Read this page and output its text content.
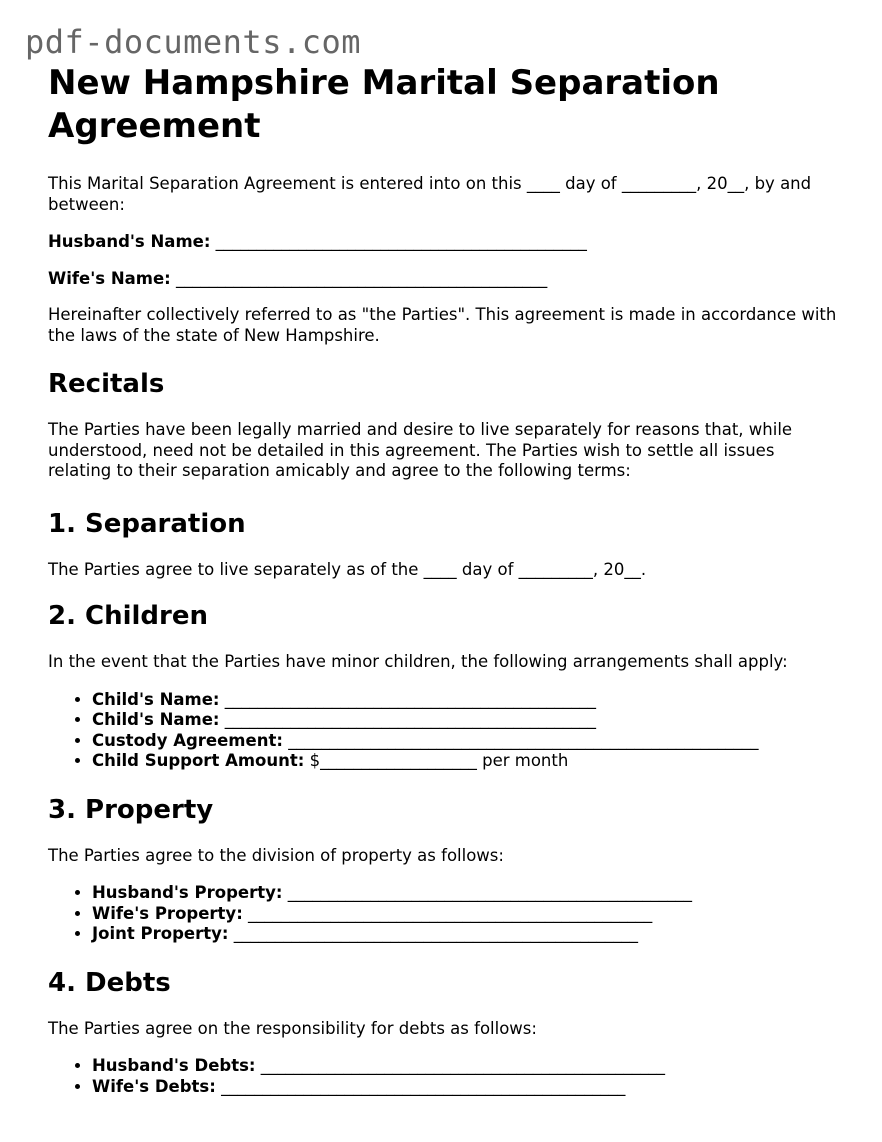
pdf-documents.com
New Hampshire Marital Separation Agreement

This Marital Separation Agreement is entered into on this ____ day of _________, 20__, by and between:

Husband's Name: _____________________________________________

Wife's Name: _____________________________________________

Hereinafter collectively referred to as "the Parties". This agreement is made in accordance with the laws of the state of New Hampshire.

Recitals

The Parties have been legally married and desire to live separately for reasons that, while understood, need not be detailed in this agreement. The Parties wish to settle all issues relating to their separation amicably and agree to the following terms:

1. Separation

The Parties agree to live separately as of the ____ day of _________, 20__.

2. Children

In the event that the Parties have minor children, the following arrangements shall apply:

• Child's Name: _____________________________________________
• Child's Name: _____________________________________________
• Custody Agreement: _________________________________________________________
• Child Support Amount: $___________________ per month
3. Property

The Parties agree to the division of property as follows:

• Husband's Property: _________________________________________________
• Wife's Property: _________________________________________________
• Joint Property: _________________________________________________
4. Debts

The Parties agree on the responsibility for debts as follows:

• Husband's Debts: _________________________________________________
• Wife's Debts: _________________________________________________
